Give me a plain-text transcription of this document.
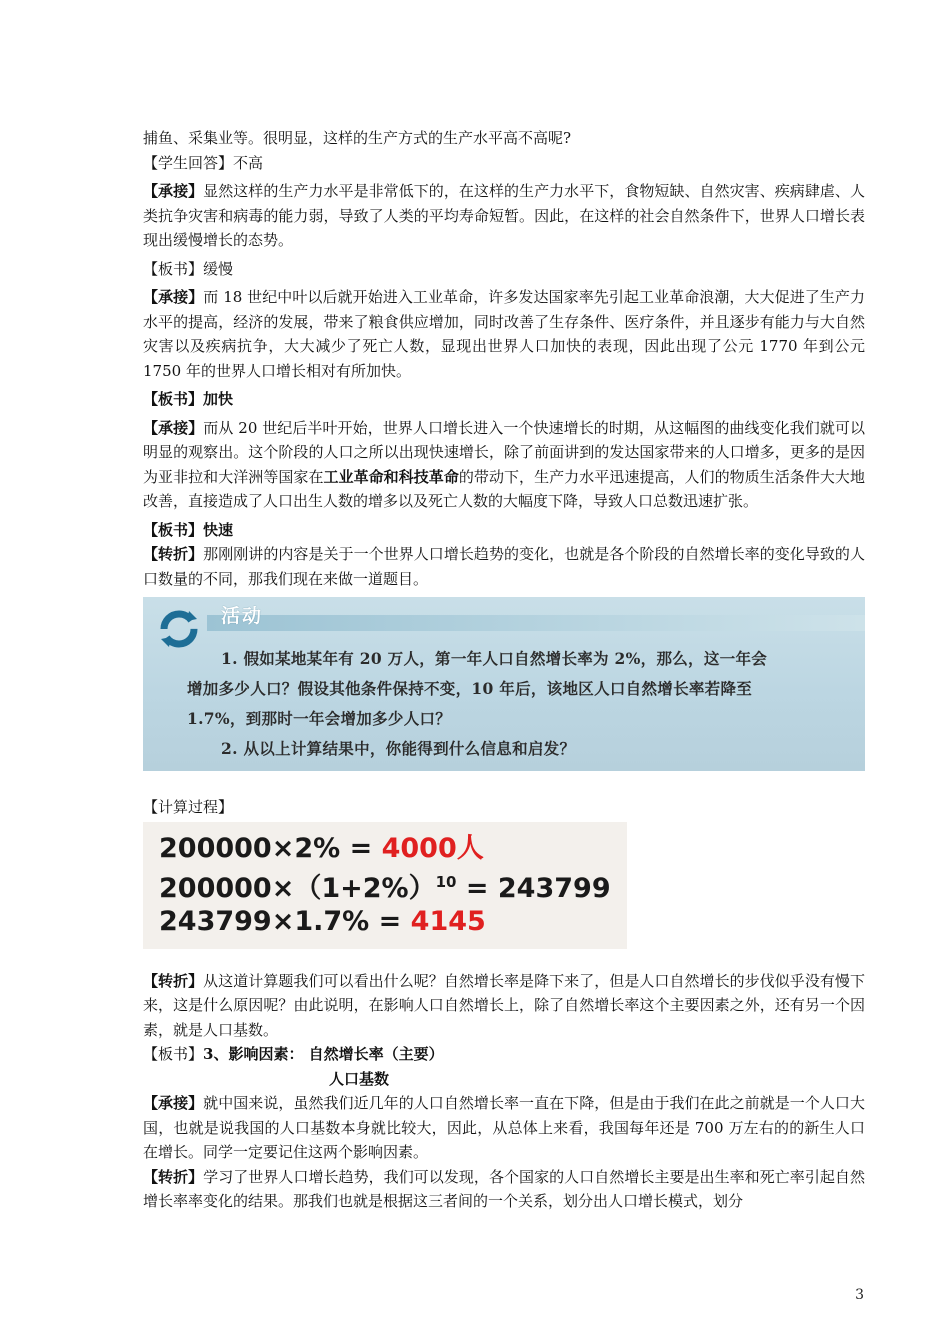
捕鱼、采集业等。很明显，这样的生产方式的生产水平高不高呢?

【学生回答】不高

【承接】显然这样的生产力水平是非常低下的，在这样的生产力水平下，食物短缺、自然灾害、疾病肆虐、人类抗争灾害和病毒的能力弱，导致了人类的平均寿命短暂。因此，在这样的社会自然条件下，世界人口增长表现出缓慢增长的态势。

【板书】缓慢

【承接】而 18 世纪中叶以后就开始进入工业革命，许多发达国家率先引起工业革命浪潮，大大促进了生产力水平的提高，经济的发展，带来了粮食供应增加，同时改善了生存条件、医疗条件，并且逐步有能力与大自然灾害以及疾病抗争，大大减少了死亡人数，显现出世界人口加快的表现，因此出现了公元 1770 年到公元 1750 年的世界人口增长相对有所加快。

【板书】加快

【承接】而从 20 世纪后半叶开始，世界人口增长进入一个快速增长的时期，从这幅图的曲线变化我们就可以明显的观察出。这个阶段的人口之所以出现快速增长，除了前面讲到的发达国家带来的人口增多，更多的是因为亚非拉和大洋洲等国家在工业革命和科技革命的带动下，生产力水平迅速提高，人们的物质生活条件大大地改善，直接造成了人口出生人数的增多以及死亡人数的大幅度下降，导致人口总数迅速扩张。

【板书】快速

【转折】那刚刚讲的内容是关于一个世界人口增长趋势的变化，也就是各个阶段的自然增长率的变化导致的人口数量的不同，那我们现在来做一道题目。

活动
1. 假如某地某年有 20 万人，第一年人口自然增长率为 2%，那么，这一年会
增加多少人口？假设其他条件保持不变，10 年后，该地区人口自然增长率若降至
1.7%，到那时一年会增加多少人口？
2. 从以上计算结果中，你能得到什么信息和启发？

【计算过程】

200000×2% = 4000人
$200000\times(1+2\%)^{10} = 243799$
243799×1.7% = 4145

【转折】从这道计算题我们可以看出什么呢？自然增长率是降下来了，但是人口自然增长的步伐似乎没有慢下来，这是什么原因呢？由此说明，在影响人口自然增长上，除了自然增长率这个主要因素之外，还有另一个因素，就是人口基数。

【板书】3、影响因素： 自然增长率（主要）

人口基数

【承接】就中国来说，虽然我们近几年的人口自然增长率一直在下降，但是由于我们在此之前就是一个人口大国，也就是说我国的人口基数本身就比较大，因此，从总体上来看，我国每年还是 700 万左右的的新生人口在增长。同学一定要记住这两个影响因素。

【转折】学习了世界人口增长趋势，我们可以发现，各个国家的人口自然增长主要是出生率和死亡率引起自然增长率率变化的结果。那我们也就是根据这三者间的一个关系，划分出人口增长模式，划分

3
